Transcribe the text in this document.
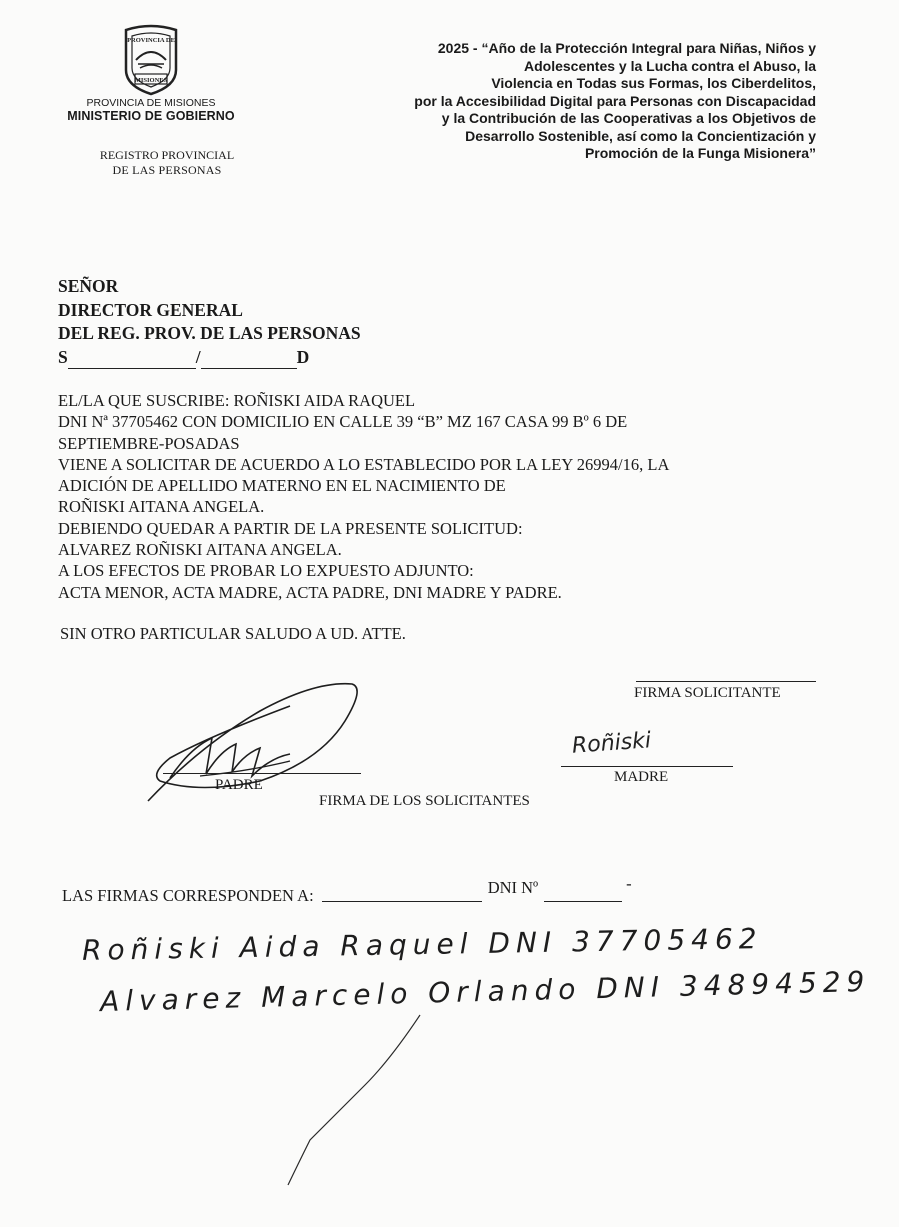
PROVINCIA DE
MISIONES
PROVINCIA DE MISIONES
MINISTERIO DE GOBIERNO
REGISTRO PROVINCIAL
DE LAS PERSONAS
2025 - “Año de la Protección Integral para Niñas, Niños y
Adolescentes y la Lucha contra el Abuso, la
Violencia en Todas sus Formas, los Ciberdelitos,
por la Accesibilidad Digital para Personas con Discapacidad
y la Contribución de las Cooperativas a los Objetivos de
Desarrollo Sostenible, así como la Concientización y
Promoción de la Funga Misionera”
SEÑOR
DIRECTOR GENERAL
DEL REG. PROV. DE LAS PERSONAS
S	/	D
EL/LA QUE SUSCRIBE: ROÑISKI AIDA RAQUEL
DNI Nª 37705462 CON DOMICILIO EN CALLE 39 “B” MZ 167 CASA 99 Bº 6 DE
SEPTIEMBRE-POSADAS
VIENE A SOLICITAR DE ACUERDO A LO ESTABLECIDO POR LA LEY 26994/16, LA
ADICIÓN DE APELLIDO MATERNO EN EL NACIMIENTO DE
ROÑISKI AITANA ANGELA.
DEBIENDO QUEDAR A PARTIR DE LA PRESENTE SOLICITUD:
ALVAREZ ROÑISKI AITANA ANGELA.
A LOS EFECTOS DE PROBAR LO EXPUESTO ADJUNTO:
ACTA MENOR, ACTA MADRE, ACTA PADRE, DNI MADRE Y PADRE.
SIN OTRO PARTICULAR SALUDO A UD. ATTE.
FIRMA SOLICITANTE
PADRE
Roñiski
MADRE
FIRMA DE LOS SOLICITANTES
LAS FIRMAS CORRESPONDEN A:	DNI Nº	-
Roñiski Aida Raquel DNI 37705462
Alvarez Marcelo Orlando DNI 34894529
